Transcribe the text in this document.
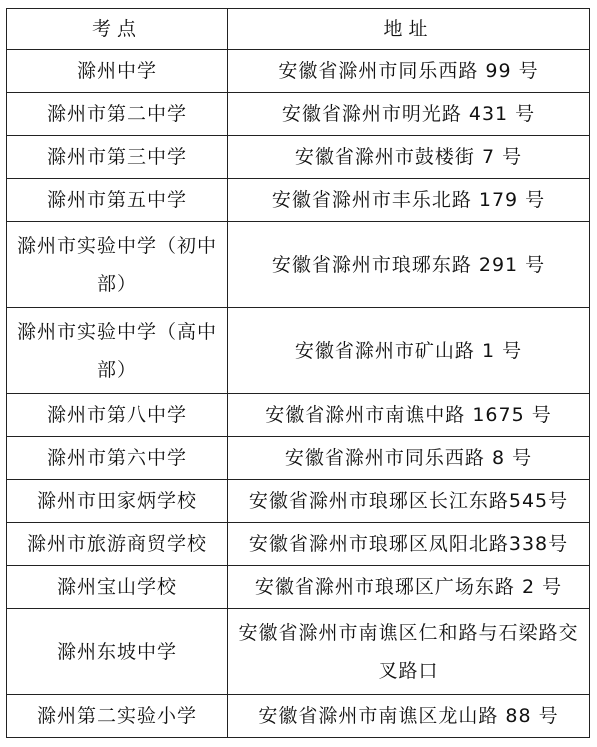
考点	地址
滁州中学	安徽省滁州市同乐西路 99 号
滁州市第二中学	安徽省滁州市明光路 431 号
滁州市第三中学	安徽省滁州市鼓楼街 7 号
滁州市第五中学	安徽省滁州市丰乐北路 179 号
滁州市实验中学（初中部）	安徽省滁州市琅琊东路 291 号
滁州市实验中学（高中部）	安徽省滁州市矿山路 1 号
滁州市第八中学	安徽省滁州市南谯中路 1675 号
滁州市第六中学	安徽省滁州市同乐西路 8 号
滁州市田家炳学校	安徽省滁州市琅琊区长江东路545号
滁州市旅游商贸学校	安徽省滁州市琅琊区凤阳北路338号
滁州宝山学校	安徽省滁州市琅琊区广场东路 2 号
滁州东坡中学	安徽省滁州市南谯区仁和路与石梁路交叉路口
滁州第二实验小学	安徽省滁州市南谯区龙山路 88 号
